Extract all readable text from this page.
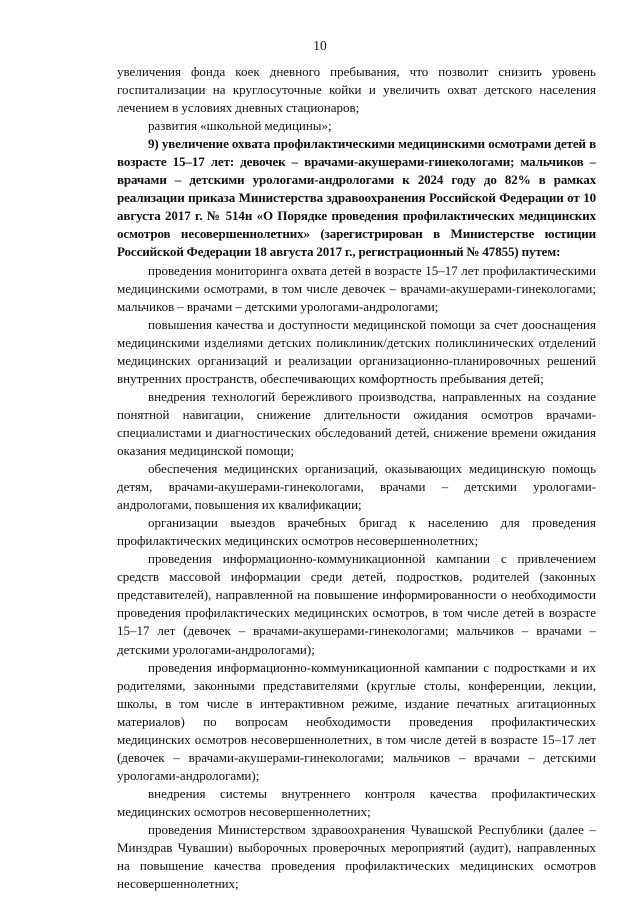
10

увеличения фонда коек дневного пребывания, что позволит снизить уровень госпитализации на круглосуточные койки и увеличить охват детского населения лечением в условиях дневных стационаров;

развития «школьной медицины»;

9) увеличение охвата профилактическими медицинскими осмотрами детей в возрасте 15–17 лет: девочек – врачами-акушерами-гинекологами; мальчиков – врачами – детскими урологами-андрологами к 2024 году до 82% в рамках реализации приказа Министерства здравоохранения Российской Федерации от 10 августа 2017 г. № 514н «О Порядке проведения профилактических медицинских осмотров несовершеннолетних» (зарегистрирован в Министерстве юстиции Российской Федерации 18 августа 2017 г., регистрационный № 47855) путем:

проведения мониторинга охвата детей в возрасте 15–17 лет профилактическими медицинскими осмотрами, в том числе девочек – врачами-акушерами-гинекологами; мальчиков – врачами – детскими урологами-андрологами;

повышения качества и доступности медицинской помощи за счет дооснащения медицинскими изделиями детских поликлиник/детских поликлинических отделений медицинских организаций и реализации организационно-планировочных решений внутренних пространств, обеспечивающих комфортность пребывания детей;

внедрения технологий бережливого производства, направленных на создание понятной навигации, снижение длительности ожидания осмотров врачами-специалистами и диагностических обследований детей, снижение времени ожидания оказания медицинской помощи;

обеспечения медицинских организаций, оказывающих медицинскую помощь детям, врачами-акушерами-гинекологами, врачами – детскими урологами-андрологами, повышения их квалификации;

организации выездов врачебных бригад к населению для проведения профилактических медицинских осмотров несовершеннолетних;

проведения информационно-коммуникационной кампании с привлечением средств массовой информации среди детей, подростков, родителей (законных представителей), направленной на повышение информированности о необходимости проведения профилактических медицинских осмотров, в том числе детей в возрасте 15–17 лет (девочек – врачами-акушерами-гинекологами; мальчиков – врачами – детскими урологами-андрологами);

проведения информационно-коммуникационной кампании с подростками и их родителями, законными представителями (круглые столы, конференции, лекции, школы, в том числе в интерактивном режиме, издание печатных агитационных материалов) по вопросам необходимости проведения профилактических медицинских осмотров несовершеннолетних, в том числе детей в возрасте 15–17 лет (девочек – врачами-акушерами-гинекологами; мальчиков – врачами – детскими урологами-андрологами);

внедрения системы внутреннего контроля качества профилактических медицинских осмотров несовершеннолетних;

проведения Министерством здравоохранения Чувашской Республики (далее – Минздрав Чувашии) выборочных проверочных мероприятий (аудит), направленных на повышение качества проведения профилактических медицинских осмотров несовершеннолетних;
